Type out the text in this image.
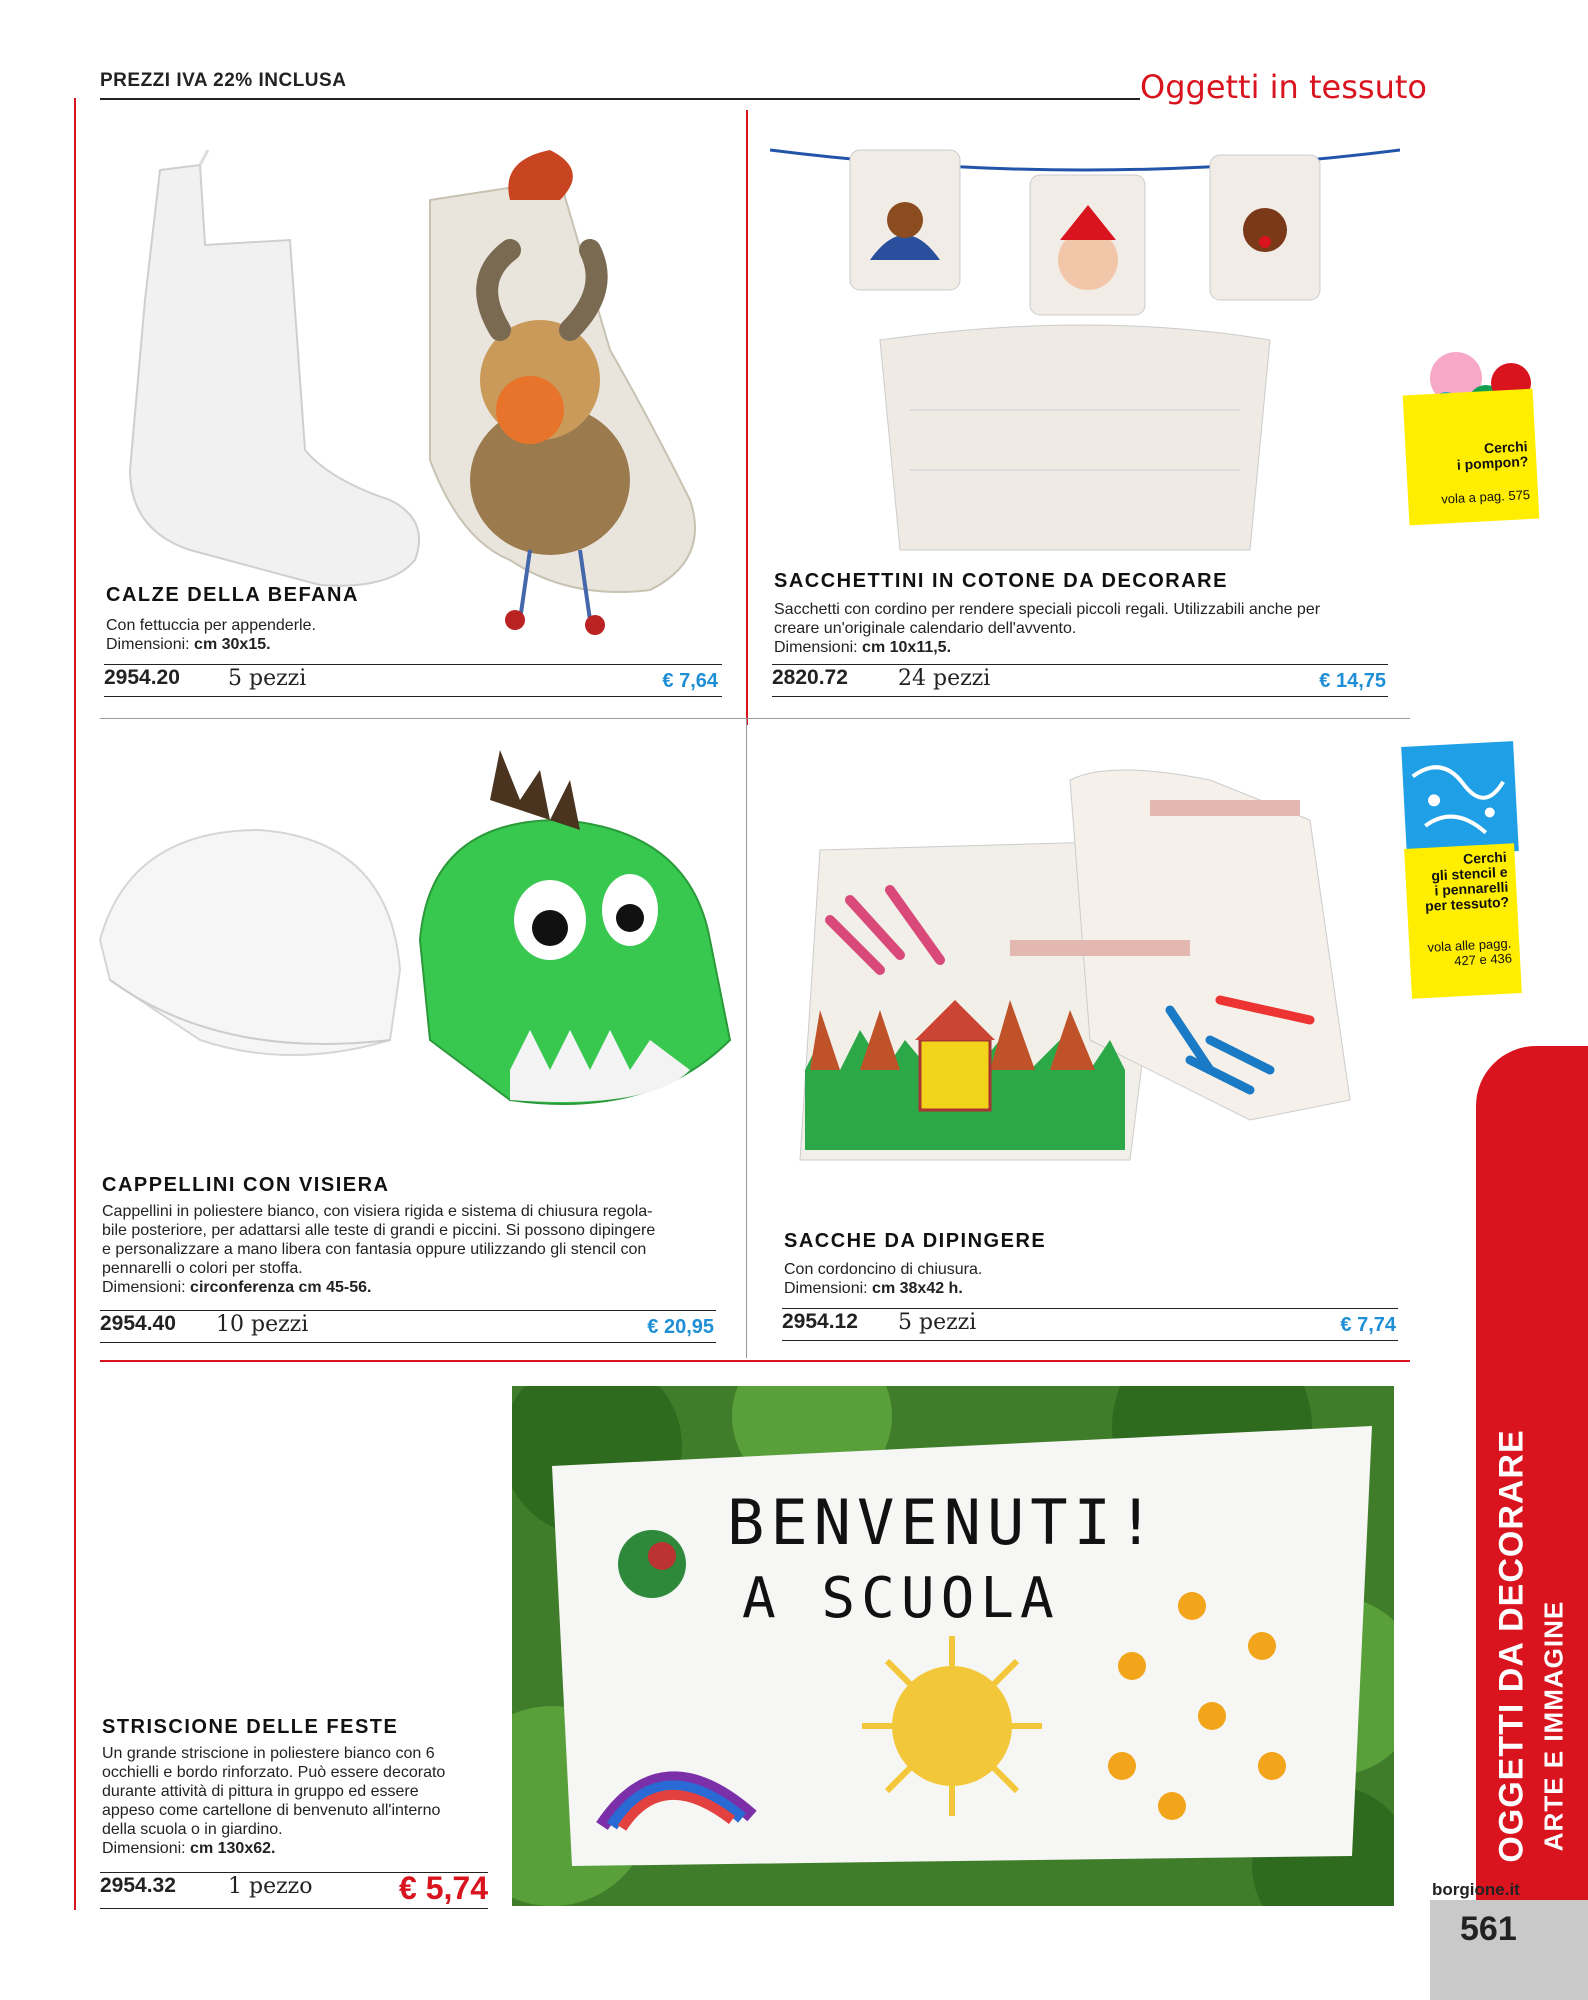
PREZZI IVA 22% INCLUSA	Oggetti in tessuto
CALZE DELLA BEFANA
Con fettuccia per appenderle.
Dimensioni: cm 30x15.
2954.20 5 pezzi	€ 7,64
SACCHETTINI IN COTONE DA DECORARE
Sacchetti con cordino per rendere speciali piccoli regali. Utilizzabili anche per
creare un'originale calendario dell'avvento.
Dimensioni: cm 10x11,5.
2820.72 24 pezzi	€ 14,75
Cerchi
i pompon?
vola a pag. 575
CAPPELLINI CON VISIERA
Cappellini in poliestere bianco, con visiera rigida e sistema di chiusura regola-
bile posteriore, per adattarsi alle teste di grandi e piccini. Si possono dipingere
e personalizzare a mano libera con fantasia oppure utilizzando gli stencil con
pennarelli o colori per stoffa.
Dimensioni: circonferenza cm 45-56.
2954.40 10 pezzi	€ 20,95
SACCHE DA DIPINGERE
Con cordoncino di chiusura.
Dimensioni: cm 38x42 h.
2954.12 5 pezzi	€ 7,74
Cerchi
gli stencil e
i pennarelli
per tessuto?
vola alle pagg.
427 e 436
BENVENUTI!
A SCUOLA
STRISCIONE DELLE FESTE
Un grande striscione in poliestere bianco con 6
occhielli e bordo rinforzato. Può essere decorato
durante attività di pittura in gruppo ed essere
appeso come cartellone di benvenuto all'interno
della scuola o in giardino.
Dimensioni: cm 130x62.
2954.32 1 pezzo	€ 5,74
OGGETTI DA DECORARE ARTE E IMMAGINE
borgione.it
561
